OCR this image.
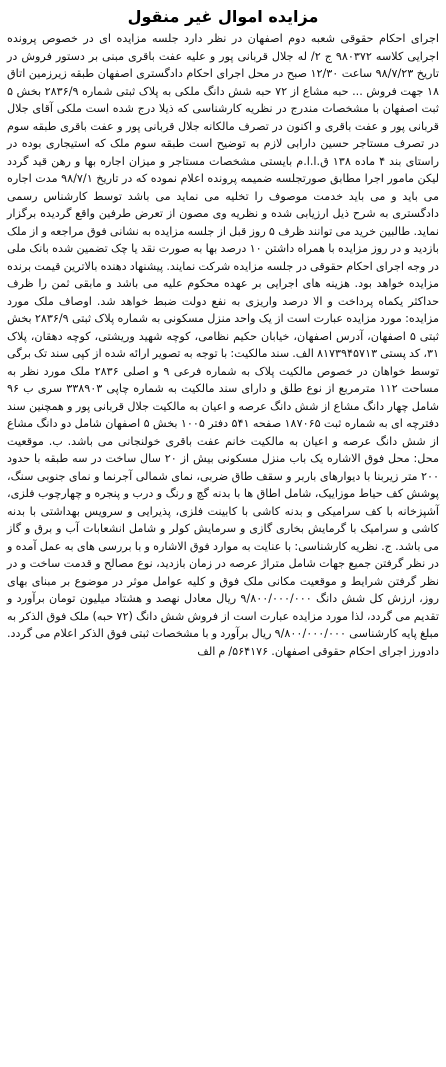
مزایده اموال غیر منقول

اجرای احکام حقوقی شعبه دوم اصفهان در نظر دارد جلسه مزایده ای در خصوص پرونده اجرایی کلاسه ۹۸۰۳۷۲ ج ۲/ له جلال قربانی پور و علیه عفت باقری مبنی بر دستور فروش در تاریخ ۹۸/۷/۲۳ ساعت ۱۲/۳۰ صبح در محل اجرای احکام دادگستری اصفهان طبقه زیرزمین اتاق ۱۸ جهت فروش ... حبه مشاع از ۷۲ حبه شش دانگ ملکی به پلاک ثبتی شماره ۲۸۳۶/۹ بخش ۵ ثبت اصفهان با مشخصات مندرج در نظریه کارشناسی که ذیلا درج شده است ملکی آقای جلال قربانی پور و عفت باقری و اکنون در تصرف مالکانه جلال قربانی پور و عفت باقری طبقه سوم در تصرف مستاجر حسین دارابی لازم به توضیح است طبقه سوم ملک که استیجاری بوده در راستای بند ۴ ماده ۱۳۸ ق.ا.ا.م بایستی مشخصات مستاجر و میزان اجاره بها و رهن قید گردد لیکن مامور اجرا مطابق صورتجلسه ضمیمه پرونده اعلام نموده که در تاریخ ۹۸/۷/۱ مدت اجاره می باید و می باید خدمت موصوف را تخلیه می نماید می باشد توسط کارشناس رسمی دادگستری به شرح ذیل ارزیابی شده و نظریه وی مصون از تعرض طرفین واقع گردیده برگزار نماید. طالبین خرید می توانند ظرف ۵ روز قبل از جلسه مزایده به نشانی فوق مراجعه و از ملک بازدید و در روز مزایده با همراه داشتن ۱۰ درصد بها به صورت نقد یا چک تضمین شده بانک ملی در وجه اجرای احکام حقوقی در جلسه مزایده شرکت نمایند. پیشنهاد دهنده بالاترین قیمت برنده مزایده خواهد بود. هزینه های اجرایی بر عهده محکوم علیه می باشد و مابقی ثمن را ظرف حداکثر یکماه پرداخت و الا درصد واریزی به نفع دولت ضبط خواهد شد. اوصاف ملک مورد مزایده: مورد مزایده عبارت است از یک واحد منزل مسکونی به شماره پلاک ثبتی ۲۸۳۶/۹ بخش ثبتی ۵ اصفهان، آدرس اصفهان، خیابان حکیم نظامی، کوچه شهید وریشتی، کوچه دهقان، پلاک ۳۱، کد پستی ۸۱۷۳۹۴۵۷۱۳ الف. سند مالکیت: با توجه به تصویر ارائه شده از کپی سند تک برگی توسط خواهان در خصوص مالکیت پلاک به شماره فرعی ۹ و اصلی ۲۸۳۶ ملک مورد نظر به مساحت ۱۱۲ مترمربع از نوع طلق و دارای سند مالکیت به شماره چاپی ۳۳۸۹۰۳ سری ب ۹۶ شامل چهار دانگ مشاع از شش دانگ عرصه و اعیان به مالکیت جلال قربانی پور و همچنین سند دفترچه ای به شماره ثبت ۱۸۷۰۶۵ صفحه ۵۴۱ دفتر ۱۰۰۵ بخش ۵ اصفهان شامل دو دانگ مشاع از شش دانگ عرصه و اعیان به مالکیت خانم عفت باقری خولنجانی می باشد. ب. موقعیت محل: محل فوق الاشاره یک باب منزل مسکونی بیش از ۲۰ سال ساخت در سه طبقه با حدود ۲۰۰ متر زیربنا با دیوارهای باربر و سقف طاق ضربی، نمای شمالی آجرنما و نمای جنوبی سنگ، پوشش کف حیاط موزاییک، شامل اطاق ها با بدنه گچ و رنگ و درب و پنجره و چهارچوب فلزی، آشپزخانه با کف سرامیکی و بدنه کاشی با کابینت فلزی، پذیرایی و سرویس بهداشتی با بدنه کاشی و سرامیک با گرمایش بخاری گازی و سرمایش کولر و شامل انشعابات آب و برق و گاز می باشد. ج. نظریه کارشناسی: با عنایت به موارد فوق الاشاره و با بررسی های به عمل آمده و در نظر گرفتن جمیع جهات شامل متراژ عرصه در زمان بازدید، نوع مصالح و قدمت ساخت و در نظر گرفتن شرایط و موقعیت مکانی ملک فوق و کلیه عوامل موثر در موضوع بر مبنای بهای روز، ارزش کل شش دانگ ۹/۸۰۰/۰۰۰/۰۰۰ ریال معادل نهصد و هشتاد میلیون تومان برآورد و تقدیم می گردد، لذا مورد مزایده عبارت است از فروش شش دانگ (۷۲ حبه) ملک فوق الذکر به مبلغ پایه کارشناسی ۹/۸۰۰/۰۰۰/۰۰۰ ریال برآورد و با مشخصات ثبتی فوق الذکر اعلام می گردد. دادورز اجرای احکام حقوقی اصفهان. ۵۶۴۱۷۶/ م الف
